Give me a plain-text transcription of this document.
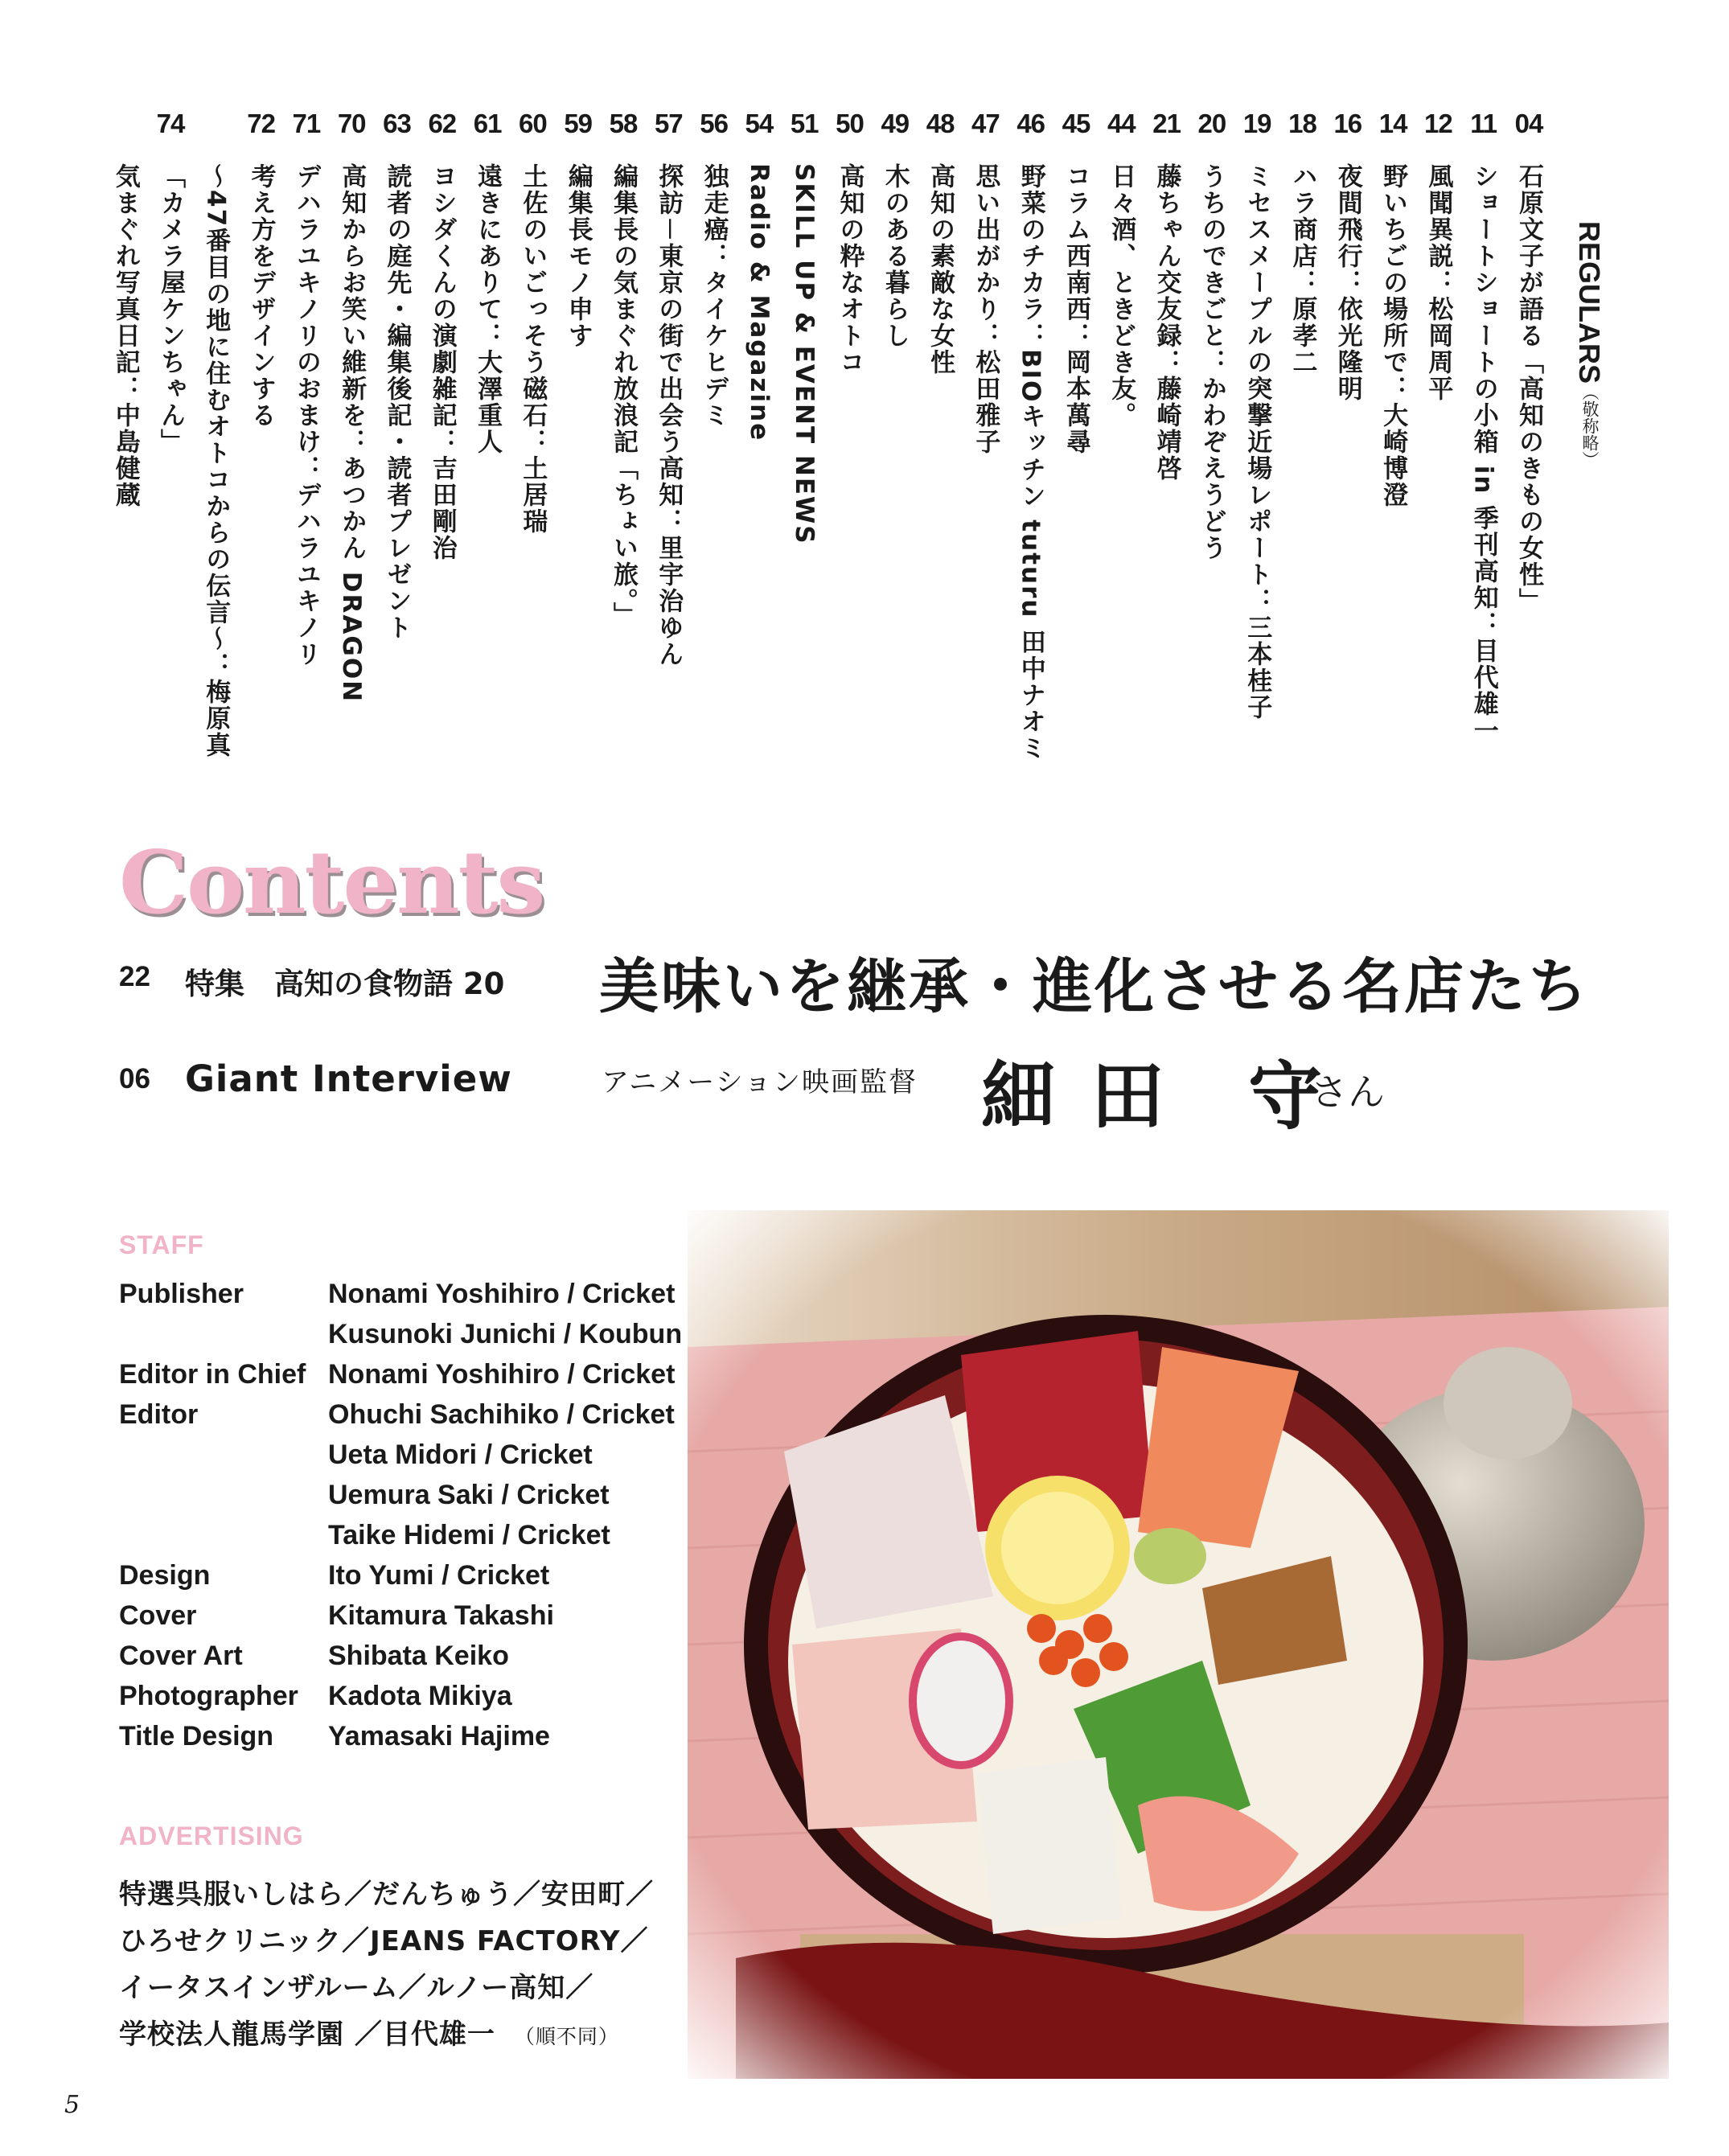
REGULARS（敬称略）
04
石原文子が語る「高知のきもの女性」
11
ショートショートの小箱 in 季刊高知：目代雄一
12
風聞異説：松岡周平
14
野いちごの場所で：大崎博澄
16
夜間飛行：依光隆明
18
ハラ商店：原孝二
19
ミセスメープルの突撃近場レポート：三本桂子
20
うちのできごと：かわぞえうどう
21
藤ちゃん交友録：藤崎靖啓
44
日々酒、ときどき友。
45
コラム西南西：岡本萬尋
46
野菜のチカラ：BIOキッチン tuturu 田中ナオミ
47
思い出がかり：松田雅子
48
高知の素敵な女性
49
木のある暮らし
50
高知の粋なオトコ
51
SKILL UP & EVENT NEWS
54
Radio & Magazine
56
独走癌：タイケヒデミ
57
探訪－東京の街で出会う高知：里宇治ゆん
58
編集長の気まぐれ放浪記「ちょい旅。」
59
編集長モノ申す
60
土佐のいごっそう磁石：土居瑞
61
遠きにありて：大澤重人
62
ヨシダくんの演劇雑記：吉田剛治
63
読者の庭先・編集後記・読者プレゼント
70
高知からお笑い維新を：あつかん DRAGON
71
デハラユキノリのおまけ：デハラユキノリ
72
考え方をデザインする
～47番目の地に住むオトコからの伝言～：梅原真
74
「カメラ屋ケンちゃん」
気まぐれ写真日記：中島健蔵
Contents
22 特集　高知の食物語 20 美味いを継承・進化させる名店たち
06 Giant Interview	アニメーション映画監督 細 田　守
さん
STAFF
Publisher	Nonami Yoshihiro / Cricket
Kusunoki Junichi / Koubun
Editor in Chief Nonami Yoshihiro / Cricket
Editor	Ohuchi Sachihiko / Cricket
Ueta Midori / Cricket
Uemura Saki / Cricket
Taike Hidemi / Cricket
Design	Ito Yumi / Cricket
Cover	Kitamura Takashi
Cover Art	Shibata Keiko
Photographer Kadota Mikiya
Title Design Yamasaki Hajime
ADVERTISING
特選呉服いしはら／だんちゅう／安田町／
ひろせクリニック／JEANS FACTORY／
イータスインザルーム／ルノー高知／
学校法人龍馬学園 ／目代雄一 （順不同）
5
